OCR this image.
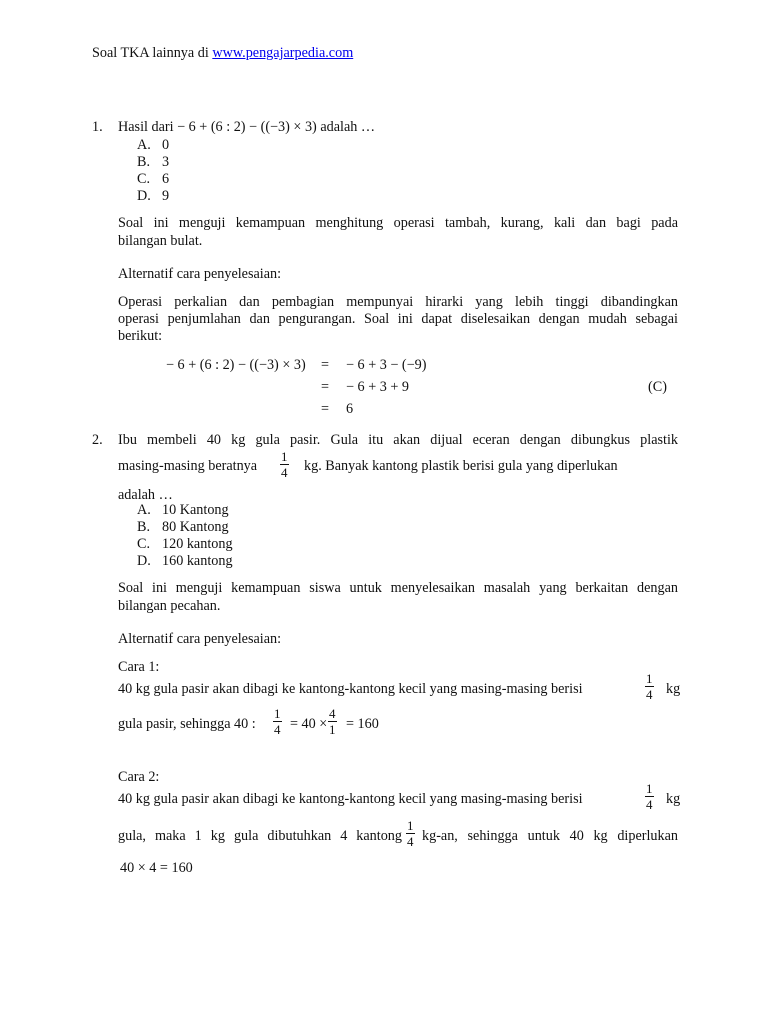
Soal TKA lainnya di www.pengajarpedia.com
1. Hasil dari − 6 + (6 : 2) − ((−3) × 3) adalah …
A. 0
B. 3
C. 6
D. 9
Soal ini menguji kemampuan menghitung operasi tambah, kurang, kali dan bagi pada
bilangan bulat.
Alternatif cara penyelesaian:
Operasi perkalian dan pembagian mempunyai hirarki yang lebih tinggi dibandingkan
operasi penjumlahan dan pengurangan. Soal ini dapat diselesaikan dengan mudah sebagai
berikut:
− 6 + (6 : 2) − ((−3) × 3) = − 6 + 3 − (−9)
= − 6 + 3 + 9
= 6
(C)
2. Ibu membeli 40 kg gula pasir. Gula itu akan dijual eceran dengan dibungkus plastik
masing-masing beratnya
1
4 kg. Banyak kantong plastik berisi gula yang diperlukan
adalah …
A. 10 Kantong
B. 80 Kantong
C. 120 kantong
D. 160 kantong
Soal ini menguji kemampuan siswa untuk menyelesaikan masalah yang berkaitan dengan
bilangan pecahan.
Alternatif cara penyelesaian:
Cara 1:
40 kg gula pasir akan dibagi ke kantong-kantong kecil yang masing-masing berisi
1
4 kg
gula pasir, sehingga 40 :
1
4 = 40 ×
4
1 = 160
Cara 2:
40 kg gula pasir akan dibagi ke kantong-kantong kecil yang masing-masing berisi
1
4 kg
gula, maka 1 kg gula dibutuhkan 4 kantong
1
4 kg-an, sehingga untuk 40 kg diperlukan
40 × 4 = 160
